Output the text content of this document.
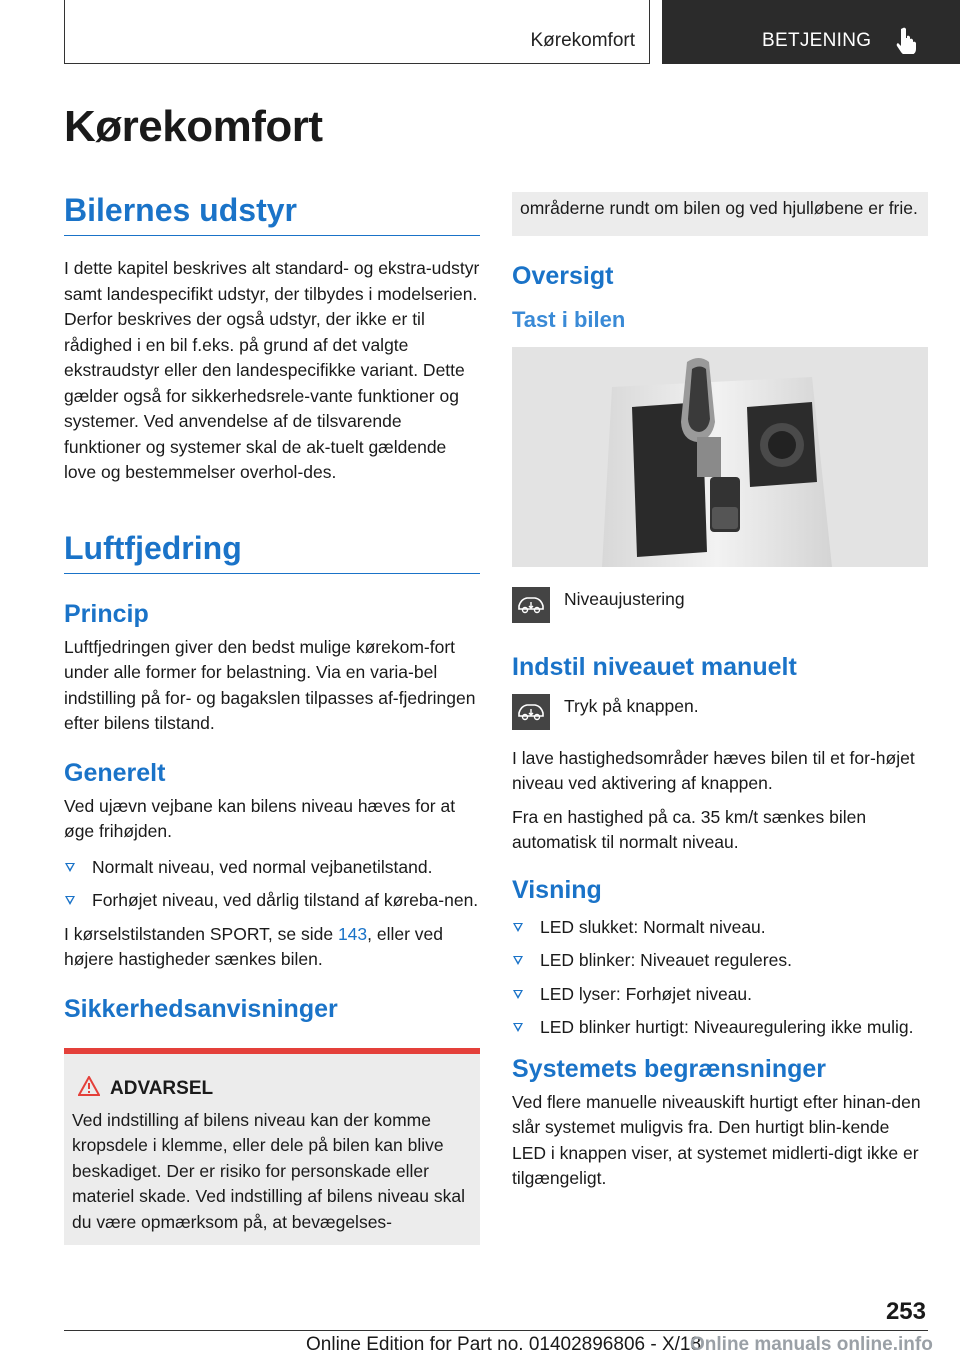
Kørekomfort	BETJENING
Kørekomfort
Bilernes udstyr

I dette kapitel beskrives alt standard- og ekstra-udstyr samt landespecifikt udstyr, der tilbydes i modelserien. Derfor beskrives der også udstyr, der ikke er til rådighed i en bil f.eks. på grund af det valgte ekstraudstyr eller den landespecifikke variant. Dette gælder også for sikkerhedsrele-vante funktioner og systemer. Ved anvendelse af de tilsvarende funktioner og systemer skal de ak-tuelt gældende love og bestemmelser overhol-des.

Luftfjedring
Princip

Luftfjedringen giver den bedst mulige kørekom-fort under alle former for belastning. Via en varia-bel indstilling på for- og bagakslen tilpasses af-fjedringen efter bilens tilstand.

Generelt

Ved ujævn vejbane kan bilens niveau hæves for at øge frihøjden.

Normalt niveau, ved normal vejbanetilstand.
Forhøjet niveau, ved dårlig tilstand af køreba-nen.

I kørselstilstanden SPORT, se side 143, eller ved højere hastigheder sænkes bilen.

Sikkerhedsanvisninger
ADVARSEL

Ved indstilling af bilens niveau kan der komme kropsdele i klemme, eller dele på bilen kan blive beskadiget. Der er risiko for personskade eller materiel skade. Ved indstilling af bilens niveau skal du være opmærksom på, at bevægelses-

områderne rundt om bilen og ved hjulløbene er frie.

Oversigt
Tast i bilen
Niveaujustering
Indstil niveauet manuelt
Tryk på knappen.

I lave hastighedsområder hæves bilen til et for-højet niveau ved aktivering af knappen.

Fra en hastighed på ca. 35 km/t sænkes bilen automatisk til normalt niveau.

Visning
LED slukket: Normalt niveau.
LED blinker: Niveauet reguleres.
LED lyser: Forhøjet niveau.
LED blinker hurtigt: Niveauregulering ikke mulig.
Systemets begrænsninger

Ved flere manuelle niveauskift hurtigt efter hinan-den slår systemet muligvis fra. Den hurtigt blin-kende LED i knappen viser, at systemet midlerti-digt ikke er tilgængeligt.

253
Online Edition for Part no. 01402896806 - X/18
Online manuals online.info
